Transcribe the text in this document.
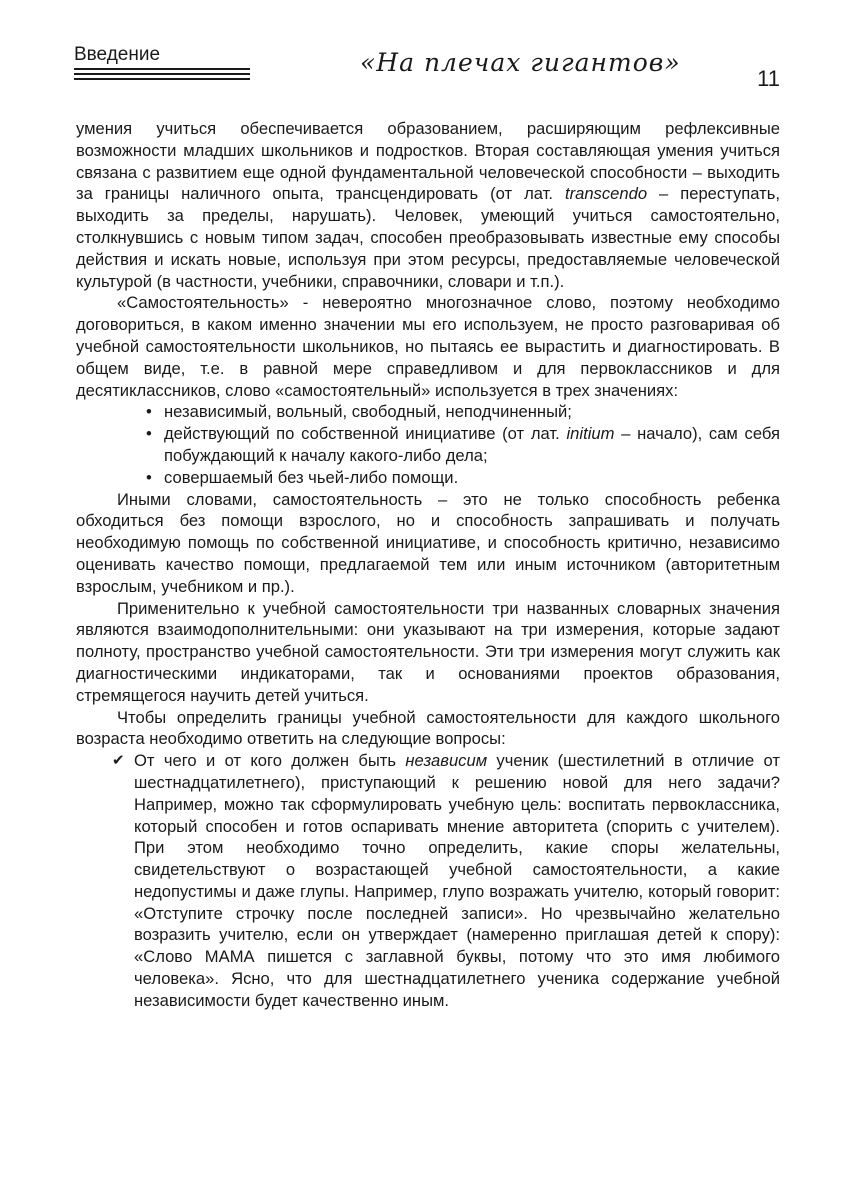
Введение	«На плечах гигантов»
11

умения учиться обеспечивается образованием, расширяющим рефлексивные возможности младших школьников и подростков. Вторая составляющая умения учиться связана с развитием еще одной фундаментальной человеческой способности – выходить за границы наличного опыта, трансцендировать (от лат. transcendo – переступать, выходить за пределы, нарушать). Человек, умеющий учиться самостоятельно, столкнувшись с новым типом задач, способен преобразовывать известные ему способы действия и искать новые, используя при этом ресурсы, предоставляемые человеческой культурой (в частности, учебники, справочники, словари и т.п.).

«Самостоятельность» - невероятно многозначное слово, поэтому необходимо договориться, в каком именно значении мы его используем, не просто разговаривая об учебной самостоятельности школьников, но пытаясь ее вырастить и диагностировать. В общем виде, т.е. в равной мере справедливом и для первоклассников и для десятиклассников, слово «самостоятельный» используется в трех значениях:

• независимый, вольный, свободный, неподчиненный;
• действующий по собственной инициативе (от лат. initium – начало), сам себя побуждающий к началу какого-либо дела;
• совершаемый без чьей-либо помощи.

Иными словами, самостоятельность – это не только способность ребенка обходиться без помощи взрослого, но и способность запрашивать и получать необходимую помощь по собственной инициативе, и способность критично, независимо оценивать качество помощи, предлагаемой тем или иным источником (авторитетным взрослым, учебником и пр.).

Применительно к учебной самостоятельности три названных словарных значения являются взаимодополнительными: они указывают на три измерения, которые задают полноту, пространство учебной самостоятельности. Эти три измерения могут служить как диагностическими индикаторами, так и основаниями проектов образования, стремящегося научить детей учиться.

Чтобы определить границы учебной самостоятельности для каждого школьного возраста необходимо ответить на следующие вопросы:

✔ От чего и от кого должен быть независим ученик (шестилетний в отличие от шестнадцатилетнего), приступающий к решению новой для него задачи? Например, можно так сформулировать учебную цель: воспитать первоклассника, который способен и готов оспаривать мнение авторитета (спорить с учителем). При этом необходимо точно определить, какие споры желательны, свидетельствуют о возрастающей учебной самостоятельности, а какие недопустимы и даже глупы. Например, глупо возражать учителю, который говорит: «Отступите строчку после последней записи». Но чрезвычайно желательно возразить учителю, если он утверждает (намеренно приглашая детей к спору): «Слово МАМА пишется с заглавной буквы, потому что это имя любимого человека». Ясно, что для шестнадцатилетнего ученика содержание учебной независимости будет качественно иным.
